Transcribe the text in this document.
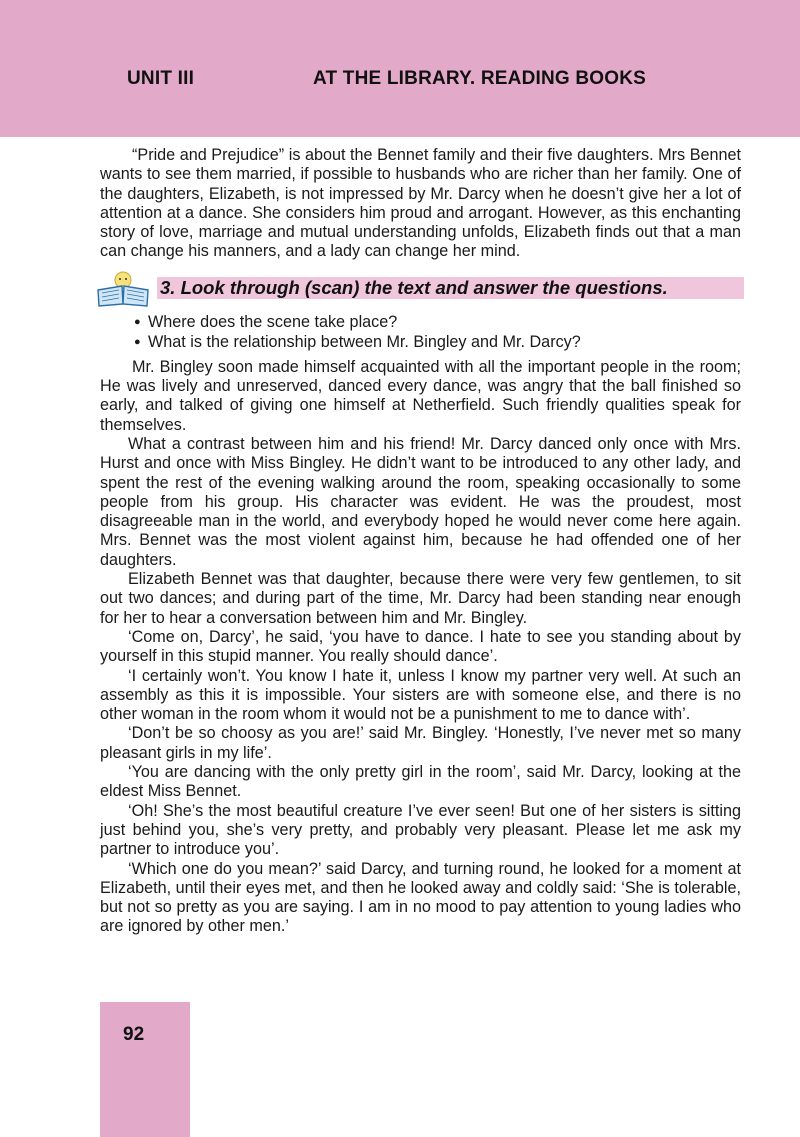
UNIT III	AT THE LIBRARY. READING BOOKS

“Pride and Prejudice” is about the Bennet family and their five daughters. Mrs Bennet wants to see them married, if possible to husbands who are richer than her family. One of the daughters, Elizabeth, is not impressed by Mr. Darcy when he doesn’t give her a lot of attention at a dance. She considers him proud and arrogant. However, as this enchanting story of love, marriage and mutual understanding unfolds, Elizabeth finds out that a man can change his manners, and a lady can change her mind.

3. Look through (scan) the text and answer the questions.
● Where does the scene take place?
● What is the relationship between Mr. Bingley and Mr. Darcy?

Mr. Bingley soon made himself acquainted with all the important people in the room; He was lively and unreserved, danced every dance, was angry that the ball finished so early, and talked of giving one himself at Netherfield. Such friendly qualities speak for themselves.

What a contrast between him and his friend! Mr. Darcy danced only once with Mrs. Hurst and once with Miss Bingley. He didn’t want to be introduced to any other lady, and spent the rest of the evening walking around the room, speaking occasionally to some people from his group. His character was evident. He was the proudest, most disagreeable man in the world, and everybody hoped he would never come here again. Mrs. Bennet was the most violent against him, because he had offended one of her daughters.

Elizabeth Bennet was that daughter, because there were very few gentlemen, to sit out two dances; and during part of the time, Mr. Darcy had been standing near enough for her to hear a conversation between him and Mr. Bingley.

‘Come on, Darcy’, he said, ‘you have to dance. I hate to see you standing about by yourself in this stupid manner. You really should dance’.

‘I certainly won’t. You know I hate it, unless I know my partner very well. At such an assembly as this it is impossible. Your sisters are with someone else, and there is no other woman in the room whom it would not be a punishment to me to dance with’.

‘Don’t be so choosy as you are!’ said Mr. Bingley. ‘Honestly, I’ve never met so many pleasant girls in my life’.

‘You are dancing with the only pretty girl in the room’, said Mr. Darcy, looking at the eldest Miss Bennet.

‘Oh! She’s the most beautiful creature I’ve ever seen! But one of her sisters is sitting just behind you, she’s very pretty, and probably very pleasant. Please let me ask my partner to introduce you’.

‘Which one do you mean?’ said Darcy, and turning round, he looked for a moment at Elizabeth, until their eyes met, and then he looked away and coldly said: ‘She is tolerable, but not so pretty as you are saying. I am in no mood to pay attention to young ladies who are ignored by other men.’

92
